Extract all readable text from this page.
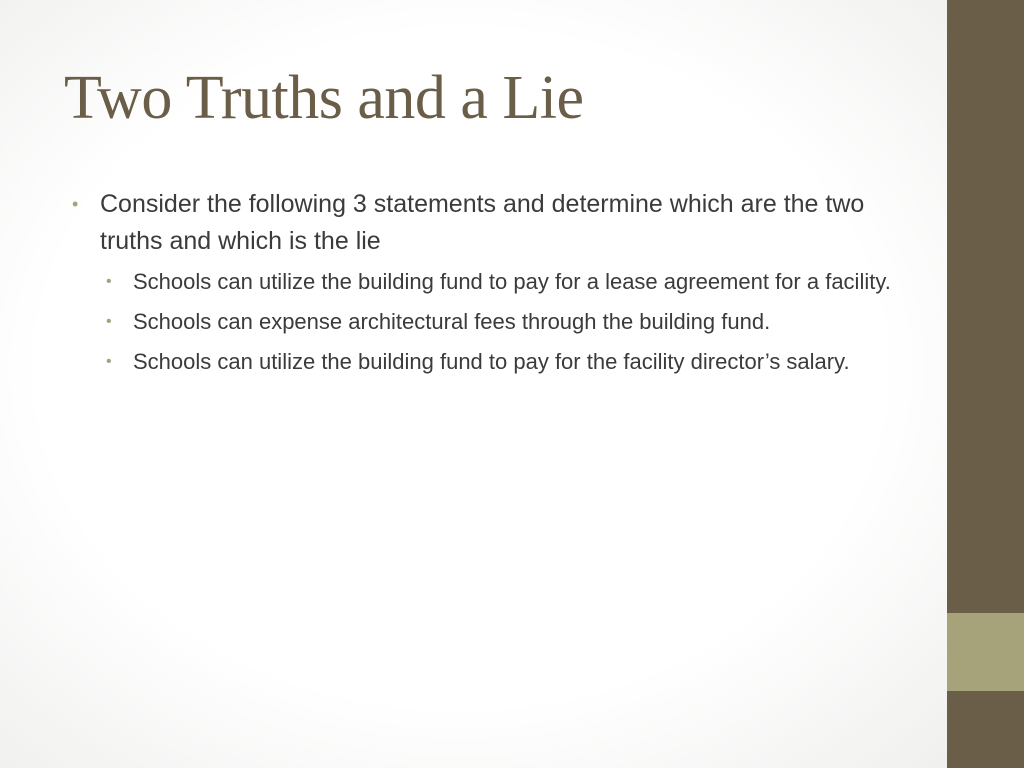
Two Truths and a Lie
• Consider the following 3 statements and determine which are the two truths and which is the lie
• Schools can utilize the building fund to pay for a lease agreement for a facility.
• Schools can expense architectural fees through the building fund.
• Schools can utilize the building fund to pay for the facility director’s salary.
